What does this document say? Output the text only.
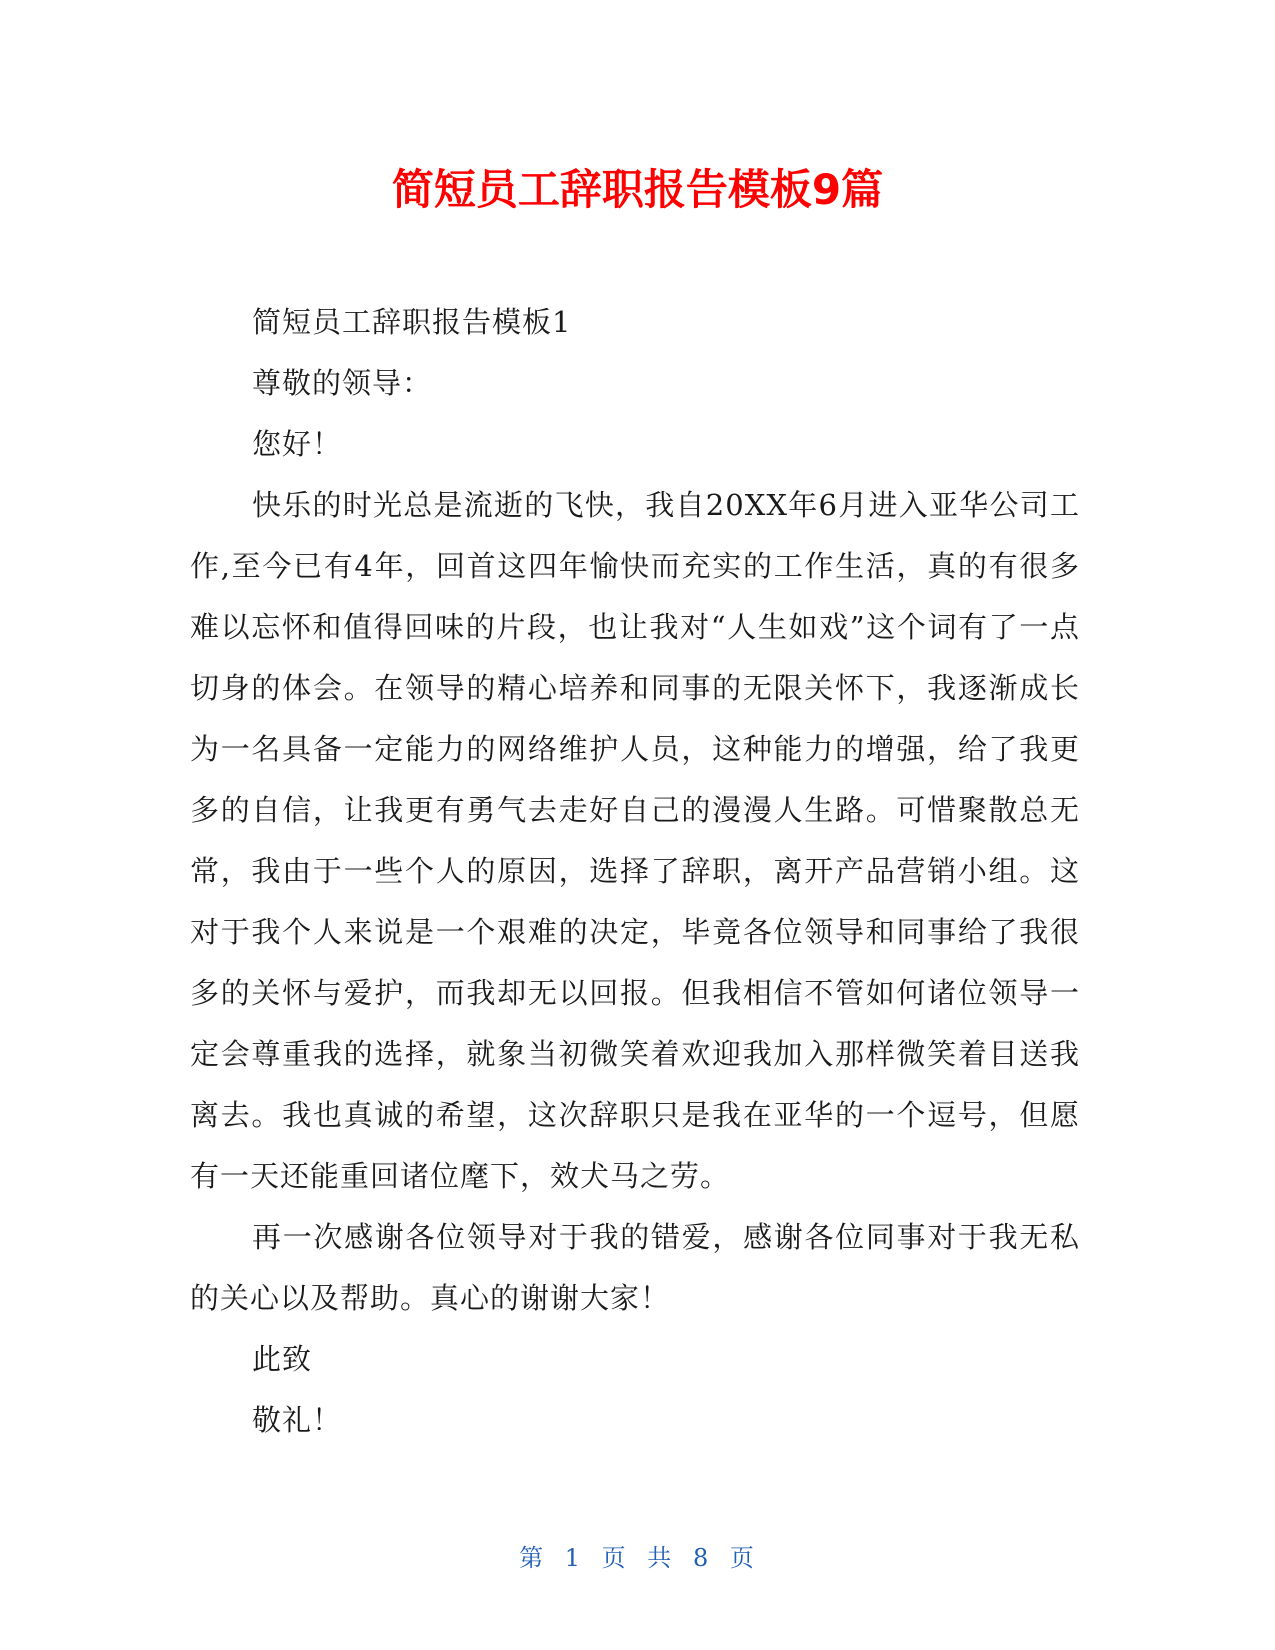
简短员工辞职报告模板9篇

简短员工辞职报告模板1

尊敬的领导：

您好！

快乐的时光总是流逝的飞快，我自20XX年6月进入亚华公司工作,至今已有4年，回首这四年愉快而充实的工作生活，真的有很多难以忘怀和值得回味的片段，也让我对“人生如戏”这个词有了一点切身的体会。在领导的精心培养和同事的无限关怀下，我逐渐成长为一名具备一定能力的网络维护人员，这种能力的增强，给了我更多的自信，让我更有勇气去走好自己的漫漫人生路。可惜聚散总无常，我由于一些个人的原因，选择了辞职，离开产品营销小组。这对于我个人来说是一个艰难的决定，毕竟各位领导和同事给了我很多的关怀与爱护，而我却无以回报。但我相信不管如何诸位领导一定会尊重我的选择，就象当初微笑着欢迎我加入那样微笑着目送我离去。我也真诚的希望，这次辞职只是我在亚华的一个逗号，但愿有一天还能重回诸位麾下，效犬马之劳。

再一次感谢各位领导对于我的错爱，感谢各位同事对于我无私的关心以及帮助。真心的谢谢大家！

此致

敬礼！

第 1 页 共 8 页
